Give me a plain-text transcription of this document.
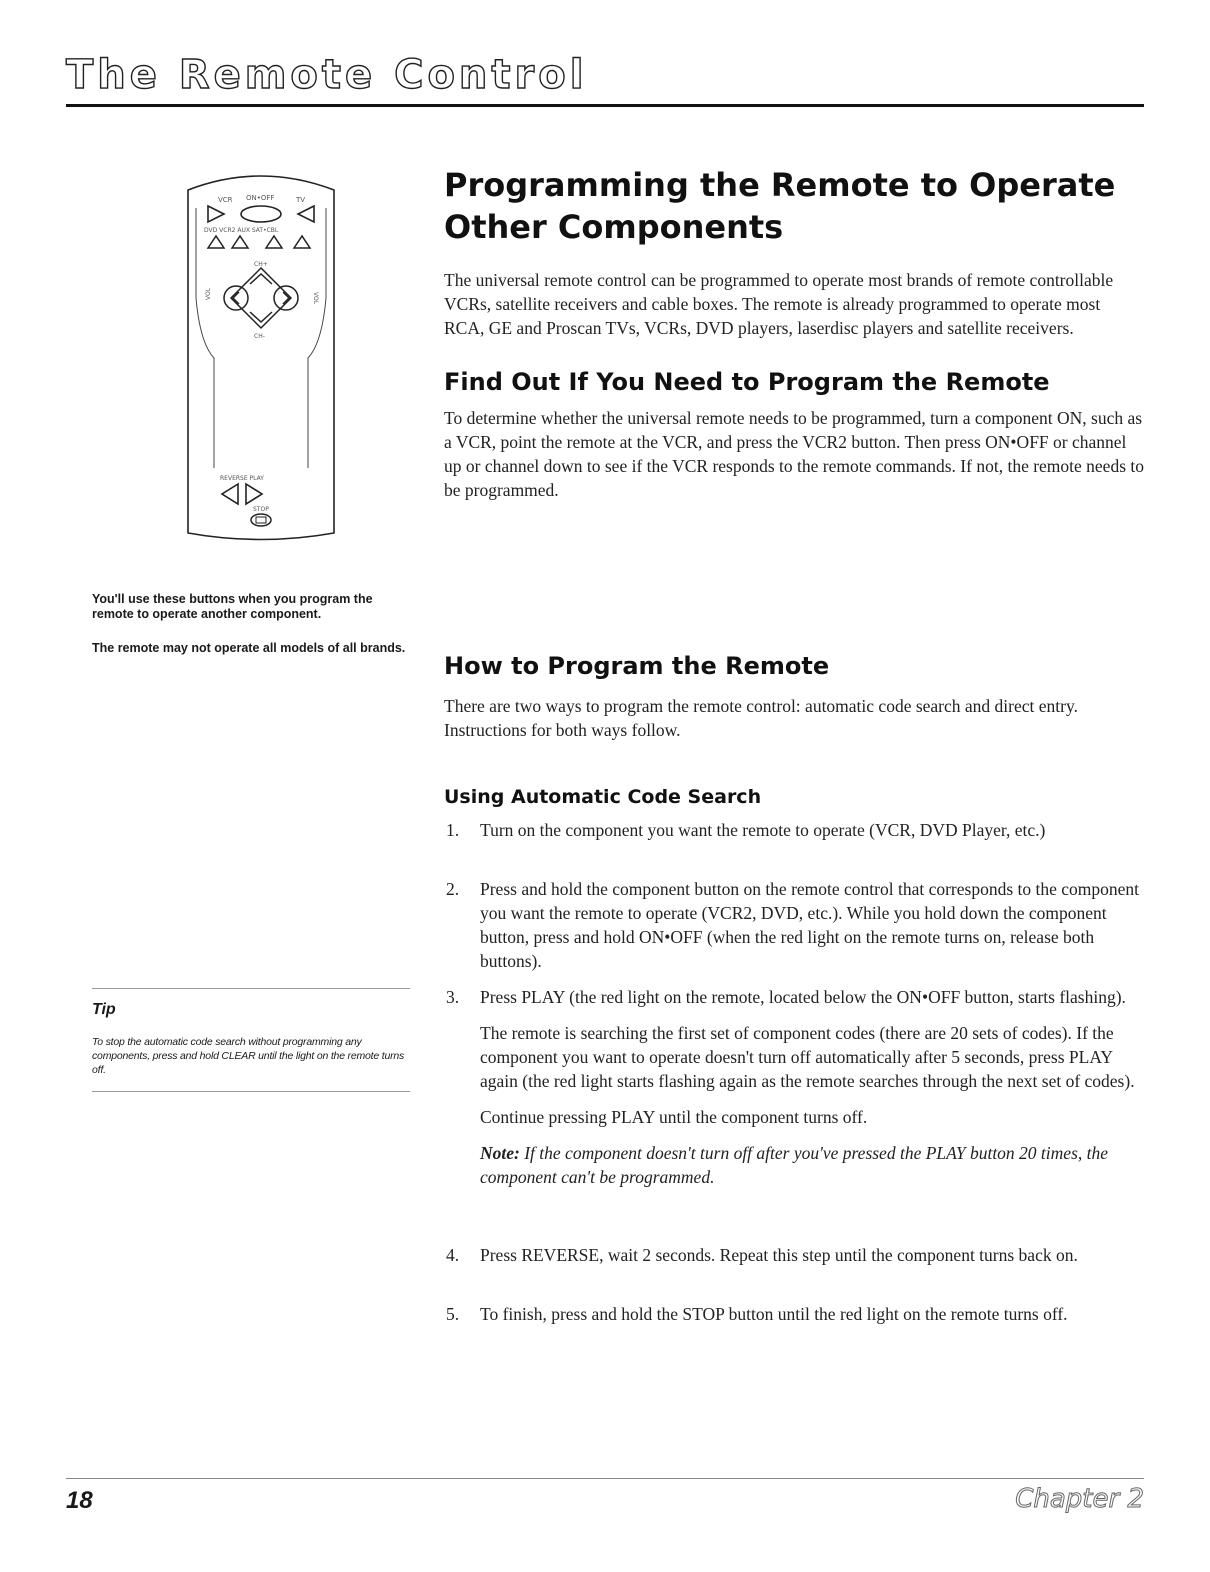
The Remote Control
VCR ON•OFF	TV
DVD VCR2 AUX SAT•CBL
CH+
VOL	VOL
CH-
REVERSE PLAY
STOP
You'll use these buttons when you program the remote to operate another component.
The remote may not operate all models of all brands.
Tip
To stop the automatic code search without programming any components, press and hold CLEAR until the light on the remote turns off.
Programming the Remote to Operate Other Components

The universal remote control can be programmed to operate most brands of remote controllable VCRs, satellite receivers and cable boxes. The remote is already programmed to operate most RCA, GE and Proscan TVs, VCRs, DVD players, laserdisc players and satellite receivers.

Find Out If You Need to Program the Remote

To determine whether the universal remote needs to be programmed, turn a component ON, such as a VCR, point the remote at the VCR, and press the VCR2 button. Then press ON•OFF or channel up or channel down to see if the VCR responds to the remote commands. If not, the remote needs to be programmed.

How to Program the Remote

There are two ways to program the remote control: automatic code search and direct entry. Instructions for both ways follow.

Using Automatic Code Search
1. Turn on the component you want the remote to operate (VCR, DVD Player, etc.)
2. Press and hold the component button on the remote control that corresponds to the component you want the remote to operate (VCR2, DVD, etc.). While you hold down the component button, press and hold ON•OFF (when the red light on the remote turns on, release both buttons).
3. Press PLAY (the red light on the remote, located below the ON•OFF button, starts flashing).
The remote is searching the first set of component codes (there are 20 sets of codes). If the component you want to operate doesn't turn off automatically after 5 seconds, press PLAY again (the red light starts flashing again as the remote searches through the next set of codes).
Continue pressing PLAY until the component turns off.
Note: If the component doesn't turn off after you've pressed the PLAY button 20 times, the component can't be programmed.
4. Press REVERSE, wait 2 seconds. Repeat this step until the component turns back on.
5. To finish, press and hold the STOP button until the red light on the remote turns off.
18	Chapter 2
